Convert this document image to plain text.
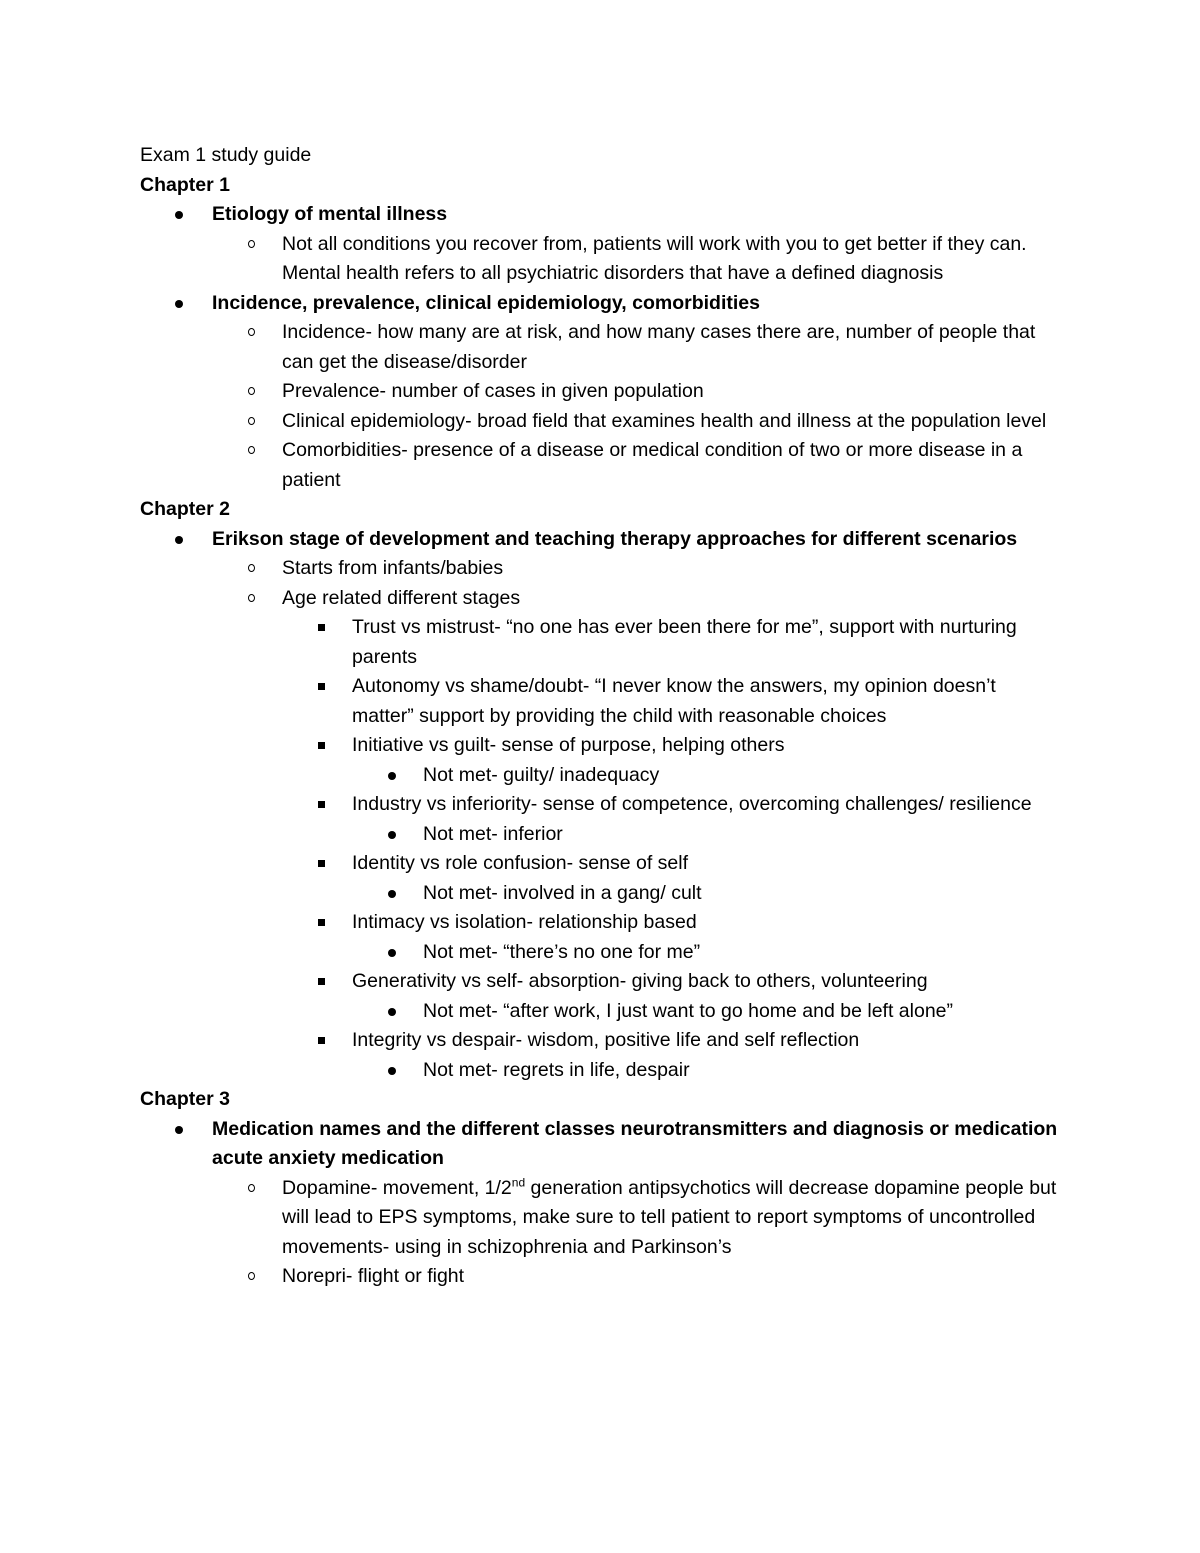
Exam 1 study guide
Chapter 1
Etiology of mental illness
Not all conditions you recover from, patients will work with you to get better if they can. Mental health refers to all psychiatric disorders that have a defined diagnosis
Incidence, prevalence, clinical epidemiology, comorbidities
Incidence- how many are at risk, and how many cases there are, number of people that can get the disease/disorder
Prevalence- number of cases in given population
Clinical epidemiology- broad field that examines health and illness at the population level
Comorbidities- presence of a disease or medical condition of two or more disease in a patient
Chapter 2
Erikson stage of development and teaching therapy approaches for different scenarios
Starts from infants/babies
Age related different stages
Trust vs mistrust- “no one has ever been there for me”, support with nurturing parents
Autonomy vs shame/doubt- “I never know the answers, my opinion doesn’t matter” support by providing the child with reasonable choices
Initiative vs guilt- sense of purpose, helping others
Not met- guilty/ inadequacy
Industry vs inferiority- sense of competence, overcoming challenges/ resilience
Not met- inferior
Identity vs role confusion- sense of self
Not met- involved in a gang/ cult
Intimacy vs isolation- relationship based
Not met- “there’s no one for me”
Generativity vs self- absorption- giving back to others, volunteering
Not met- “after work, I just want to go home and be left alone”
Integrity vs despair- wisdom, positive life and self reflection
Not met- regrets in life, despair
Chapter 3
Medication names and the different classes neurotransmitters and diagnosis or medication acute anxiety medication
Dopamine- movement, 1/2nd generation antipsychotics will decrease dopamine people but will lead to EPS symptoms, make sure to tell patient to report symptoms of uncontrolled movements- using in schizophrenia and Parkinson’s
Norepri- flight or fight
